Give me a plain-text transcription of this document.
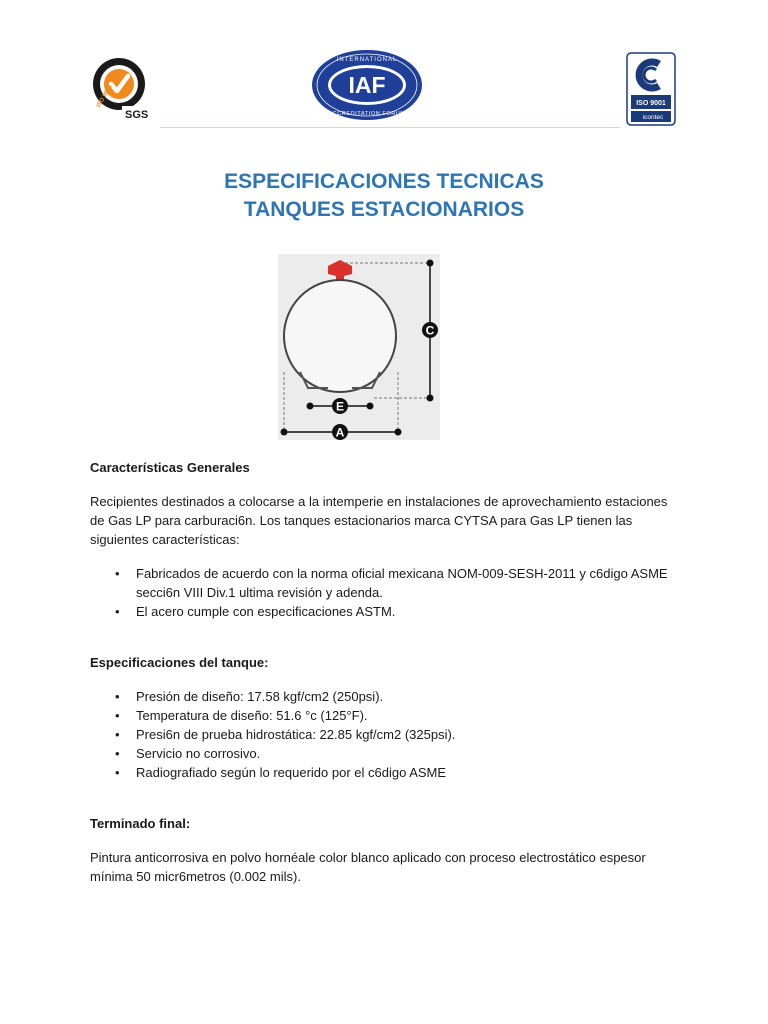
ISO 9001
SGS
IAF
INTERNATIONAL
ACCREDITATION FORUM
ISO 9001
icontec
ESPECIFICACIONES TECNICAS
TANQUES ESTACIONARIOS
C
E
A

Características Generales

Recipientes destinados a colocarse a la intemperie en instalaciones de aprovechamiento estaciones de Gas LP para carburaci6n. Los tanques estacionarios marca CYTSA para Gas LP tienen las siguientes características:

• Fabricados de acuerdo con la norma oficial mexicana NOM-009-SESH-2011 y c6digo ASME secci6n VIII Div.1 ultima revisión y adenda.
• El acero cumple con especificaciones ASTM.

Especificaciones del tanque:

• Presión de diseño: 17.58 kgf/cm2 (250psi).
• Temperatura de diseño: 51.6 °c (125°F).
• Presi6n de prueba hidrostática: 22.85 kgf/cm2 (325psi).
• Servicio no corrosivo.
• Radiografiado según lo requerido por el c6digo ASME

Terminado final:

Pintura anticorrosiva en polvo hornéale color blanco aplicado con proceso electrostático espesor mínima 50 micr6metros (0.002 mils).
